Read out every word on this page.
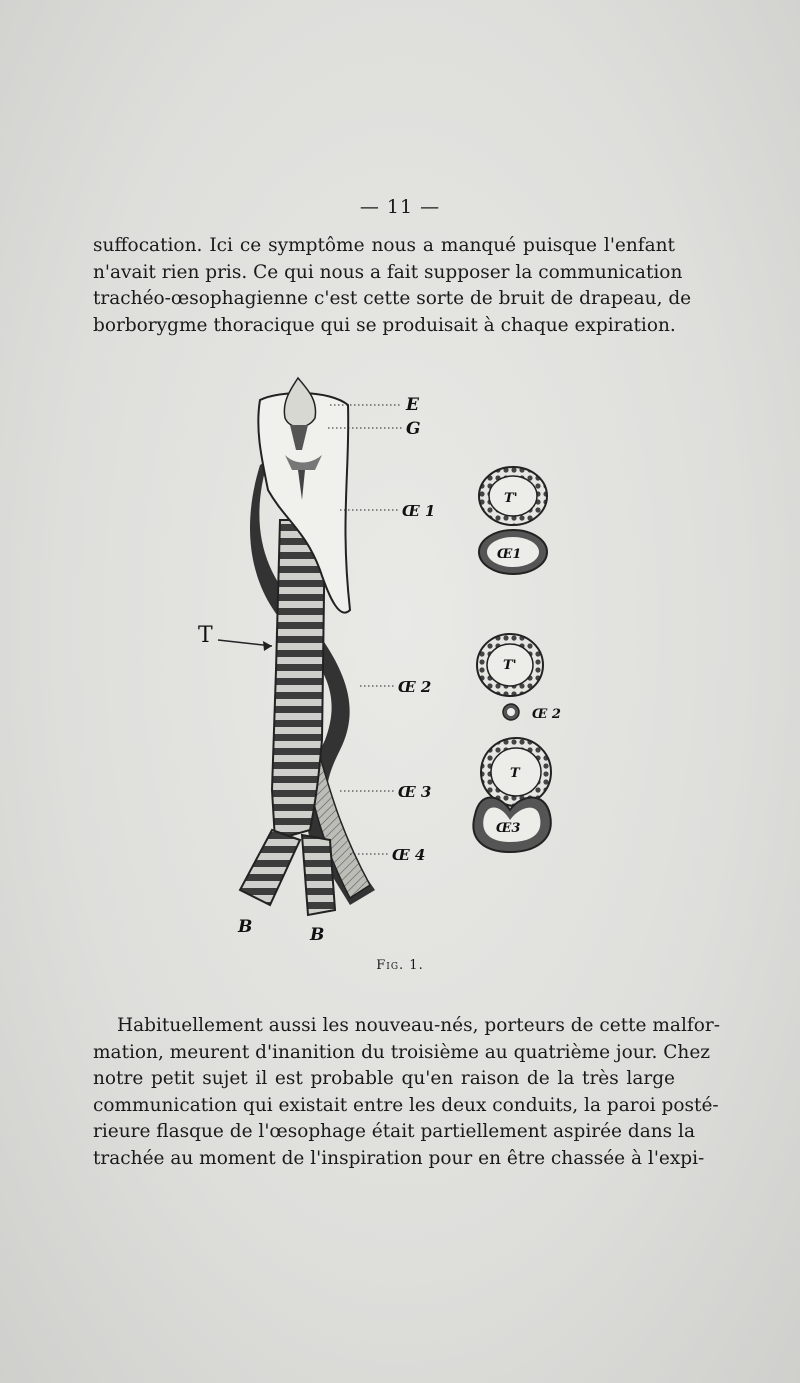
— 11 —
suffocation. Ici ce symptôme nous a manqué puisque l'enfant
n'avait rien pris. Ce qui nous a fait supposer la communication
trachéo-œsophagienne c'est cette sorte de bruit de drapeau, de
borborygme thoracique qui se produisait à chaque expiration.
E
G
Œ 1
Œ 2
Œ 3
Œ 4
B	B
T'
Œ1
T'
Œ 2
T
Œ3
T
Fig. 1.
Habituellement aussi les nouveau-nés, porteurs de cette malfor-
mation, meurent d'inanition du troisième au quatrième jour. Chez
notre petit sujet il est probable qu'en raison de la très large
communication qui existait entre les deux conduits, la paroi posté-
rieure flasque de l'œsophage était partiellement aspirée dans la
trachée au moment de l'inspiration pour en être chassée à l'expi-
